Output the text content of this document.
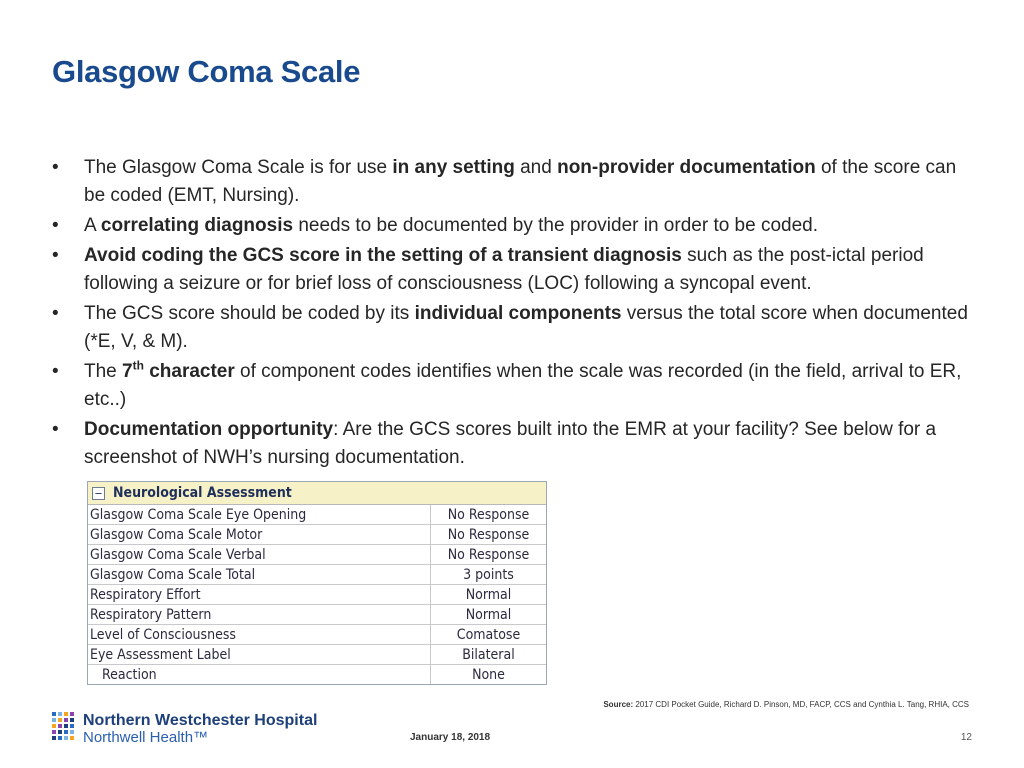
Glasgow Coma Scale
• The Glasgow Coma Scale is for use in any setting and non-provider documentation of the score can be coded (EMT, Nursing).
• A correlating diagnosis needs to be documented by the provider in order to be coded.
• Avoid coding the GCS score in the setting of a transient diagnosis such as the post-ictal period following a seizure or for brief loss of consciousness (LOC) following a syncopal event.
• The GCS score should be coded by its individual components versus the total score when documented (*E, V, & M).
• The 7th character of component codes identifies when the scale was recorded (in the field, arrival to ER, etc..)
• Documentation opportunity: Are the GCS scores built into the EMR at your facility? See below for a screenshot of NWH’s nursing documentation.
− Neurological Assessment
Glasgow Coma Scale Eye Opening	No Response
Glasgow Coma Scale Motor	No Response
Glasgow Coma Scale Verbal	No Response
Glasgow Coma Scale Total	3 points
Respiratory Effort	Normal
Respiratory Pattern	Normal
Level of Consciousness	Comatose
Eye Assessment Label	Bilateral
Reaction	None
Source: 2017 CDI Pocket Guide, Richard D. Pinson, MD, FACP, CCS and Cynthia L. Tang, RHIA, CCS
Northern Westchester Hospital
Northwell Health™	January 18, 2018	12
